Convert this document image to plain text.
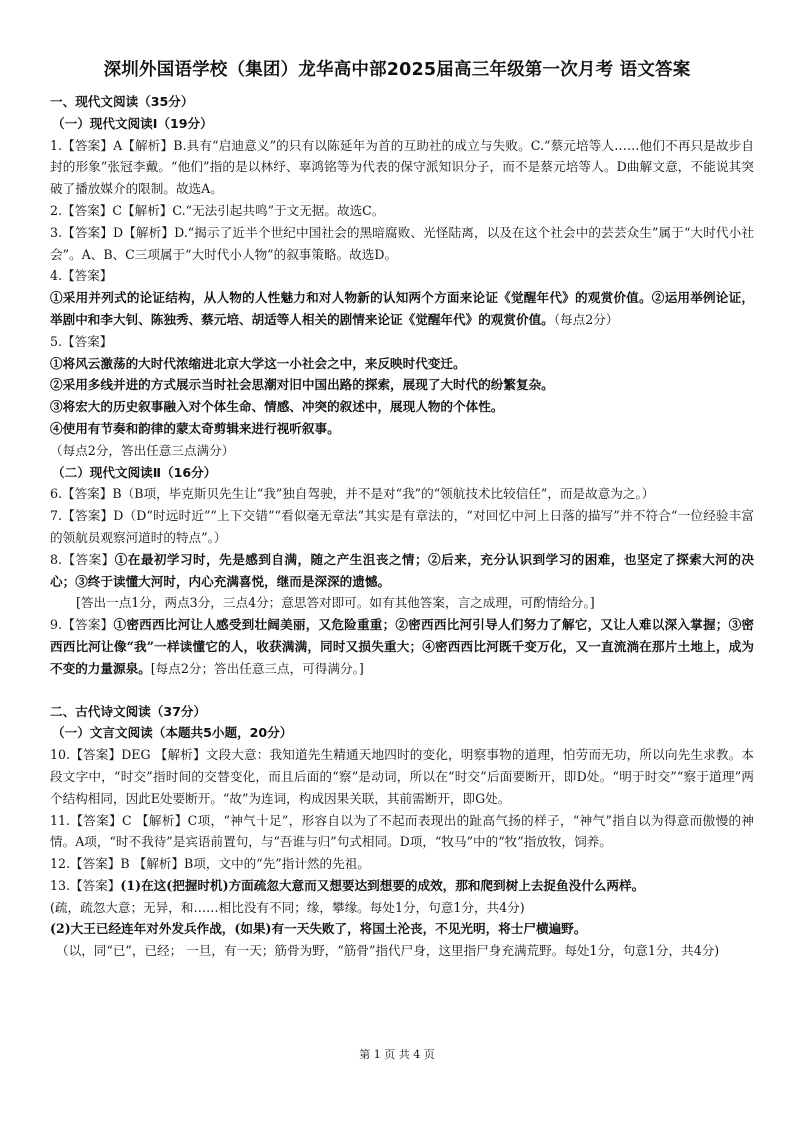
深圳外国语学校（集团）龙华高中部2025届高三年级第一次月考 语文答案

一、现代文阅读（35分）

（一）现代文阅读Ⅰ（19分）

1.【答案】A【解析】B.具有“启迪意义”的只有以陈延年为首的互助社的成立与失败。C.“蔡元培等人……他们不再只是故步自封的形象”张冠李戴。“他们”指的是以林纾、辜鸿铭等为代表的保守派知识分子，而不是蔡元培等人。D曲解文意，不能说其突破了播放媒介的限制。故选A。

2.【答案】C【解析】C.“无法引起共鸣”于文无据。故选C。

3.【答案】D【解析】D.“揭示了近半个世纪中国社会的黑暗腐败、光怪陆离，以及在这个社会中的芸芸众生”属于“大时代小社会”。A、B、C三项属于“大时代小人物”的叙事策略。故选D。

4.【答案】

①采用并列式的论证结构，从人物的人性魅力和对人物新的认知两个方面来论证《觉醒年代》的观赏价值。②运用举例论证，举剧中和李大钊、陈独秀、蔡元培、胡适等人相关的剧情来论证《觉醒年代》的观赏价值。（每点2分）

5.【答案】

①将风云激荡的大时代浓缩进北京大学这一小社会之中，来反映时代变迁。

②采用多线并进的方式展示当时社会思潮对旧中国出路的探索，展现了大时代的纷繁复杂。

③将宏大的历史叙事融入对个体生命、情感、冲突的叙述中，展现人物的个体性。

④使用有节奏和韵律的蒙太奇剪辑来进行视听叙事。

（每点2分，答出任意三点满分）

（二）现代文阅读Ⅱ（16分）

6.【答案】B（B项，毕克斯贝先生让“我”独自驾驶，并不是对“我”的“领航技术比较信任”，而是故意为之。）

7.【答案】D（D“时远时近”“上下交错”“看似毫无章法”其实是有章法的，“对回忆中河上日落的描写”并不符合“一位经验丰富的领航员观察河道时的特点”。）

8.【答案】①在最初学习时，先是感到自满，随之产生沮丧之情；②后来，充分认识到学习的困难，也坚定了探索大河的决心；③终于读懂大河时，内心充满喜悦，继而是深深的遗憾。

[答出一点1分，两点3分，三点4分；意思答对即可。如有其他答案，言之成理，可酌情给分。]

9.【答案】①密西西比河让人感受到壮阔美丽，又危险重重；②密西西比河引导人们努力了解它，又让人难以深入掌握；③密西西比河让像“我”一样读懂它的人，收获满满，同时又损失重大；④密西西比河既千变万化，又一直流淌在那片土地上，成为不变的力量源泉。[每点2分；答出任意三点，可得满分。]

二、古代诗文阅读（37分）

（一）文言文阅读（本题共5小题，20分）

10.【答案】DEG 【解析】文段大意：我知道先生精通天地四时的变化，明察事物的道理，怕劳而无功，所以向先生求教。本段文字中，“时交”指时间的交替变化，而且后面的“察”是动词，所以在“时交”后面要断开，即D处。“明于时交”“察于道理”两个结构相同，因此E处要断开。“故”为连词，构成因果关联，其前需断开，即G处。

11.【答案】C 【解析】C项，“神气十足”，形容自以为了不起而表现出的趾高气扬的样子，“神气”指自以为得意而傲慢的神情。A项，“时不我待”是宾语前置句，与“吾谁与归”句式相同。D项，“牧马”中的“牧”指放牧，饲养。

12.【答案】B 【解析】B项，文中的“先”指计然的先祖。

13.【答案】(1)在这(把握时机)方面疏忽大意而又想要达到想要的成效，那和爬到树上去捉鱼没什么两样。

(疏，疏忽大意；无异，和……相比没有不同；缘，攀缘。每处1分，句意1分，共4分)

(2)大王已经连年对外发兵作战，(如果)有一天失败了，将国土沦丧，不见光明，将士尸横遍野。

（以，同“已”，已经； 一旦，有一天；筋骨为野，“筋骨”指代尸身，这里指尸身充满荒野。每处1分，句意1分，共4分)

第 1 页 共 4 页
